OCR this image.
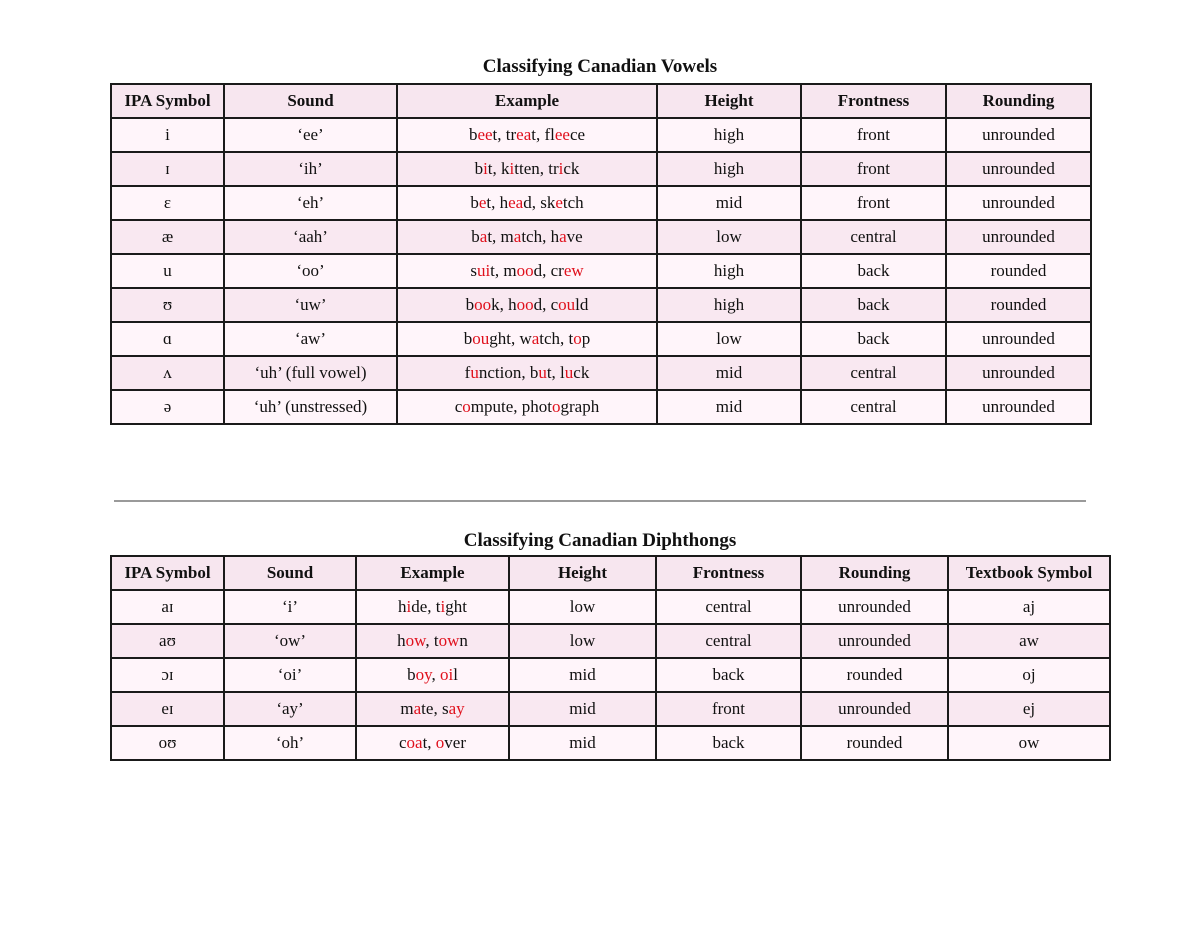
Classifying Canadian Vowels
IPA Symbol	Sound	Example	Height	Frontness	Rounding
i	‘ee’	beet, treat, fleece	high	front	unrounded
ɪ	‘ih’	bit, kitten, trick	high	front	unrounded
ɛ	‘eh’	bet, head, sketch	mid	front	unrounded
æ	‘aah’	bat, match, have	low	central	unrounded
u	‘oo’	suit, mood, crew	high	back	rounded
ʊ	‘uw’	book, hood, could	high	back	rounded
ɑ	‘aw’	bought, watch, top	low	back	unrounded
ʌ	‘uh’ (full vowel)	function, but, luck	mid	central	unrounded
ə	‘uh’ (unstressed)	compute, photograph	mid	central	unrounded
Classifying Canadian Diphthongs
IPA Symbol	Sound	Example	Height	Frontness	Rounding	Textbook Symbol
aɪ	‘i’	hide, tight	low	central	unrounded	aj
aʊ	‘ow’	how, town	low	central	unrounded	aw
ɔɪ	‘oi’	boy, oil	mid	back	rounded	oj
eɪ	‘ay’	mate, say	mid	front	unrounded	ej
oʊ	‘oh’	coat, over	mid	back	rounded	ow
